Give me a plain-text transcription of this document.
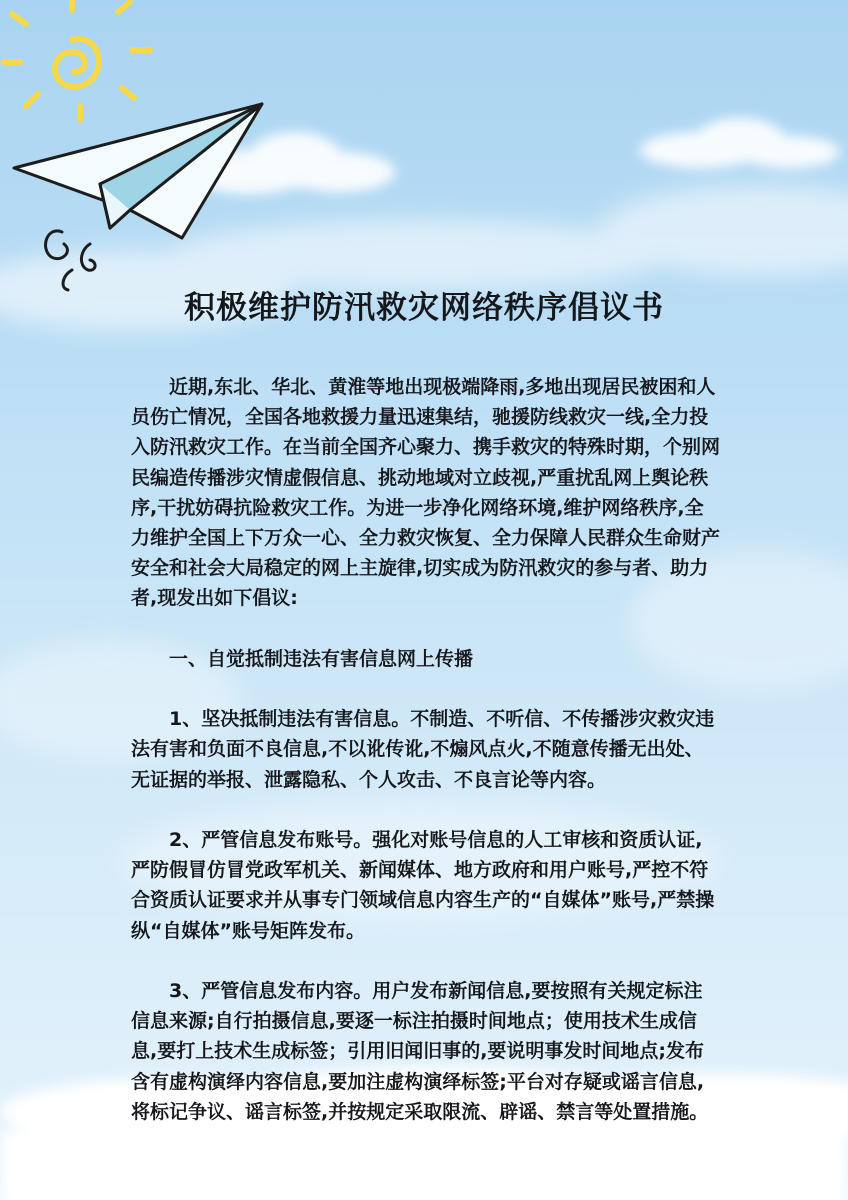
积极维护防汛救灾网络秩序倡议书

近期,东北、华北、黄淮等地出现极端降雨,多地出现居民被困和人员伤亡情况，全国各地救援力量迅速集结，驰援防线救灾一线,全力投入防汛救灾工作。在当前全国齐心聚力、携手救灾的特殊时期，个别网民编造传播涉灾情虚假信息、挑动地域对立歧视,严重扰乱网上舆论秩序,干扰妨碍抗险救灾工作。为进一步净化网络环境,维护网络秩序,全力维护全国上下万众一心、全力救灾恢复、全力保障人民群众生命财产安全和社会大局稳定的网上主旋律,切实成为防汛救灾的参与者、助力者,现发出如下倡议:

一、自觉抵制违法有害信息网上传播

1、坚决抵制违法有害信息。不制造、不听信、不传播涉灾救灾违法有害和负面不良信息,不以讹传讹,不煽风点火,不随意传播无出处、无证据的举报、泄露隐私、个人攻击、不良言论等内容。

2、严管信息发布账号。强化对账号信息的人工审核和资质认证,严防假冒仿冒党政军机关、新闻媒体、地方政府和用户账号,严控不符合资质认证要求并从事专门领域信息内容生产的“自媒体”账号,严禁操纵“自媒体”账号矩阵发布。

3、严管信息发布内容。用户发布新闻信息,要按照有关规定标注信息来源;自行拍摄信息,要逐一标注拍摄时间地点；使用技术生成信息,要打上技术生成标签；引用旧闻旧事的,要说明事发时间地点;发布含有虚构演绎内容信息,要加注虚构演绎标签;平台对存疑或谣言信息,将标记争议、谣言标签,并按规定采取限流、辟谣、禁言等处置措施。
